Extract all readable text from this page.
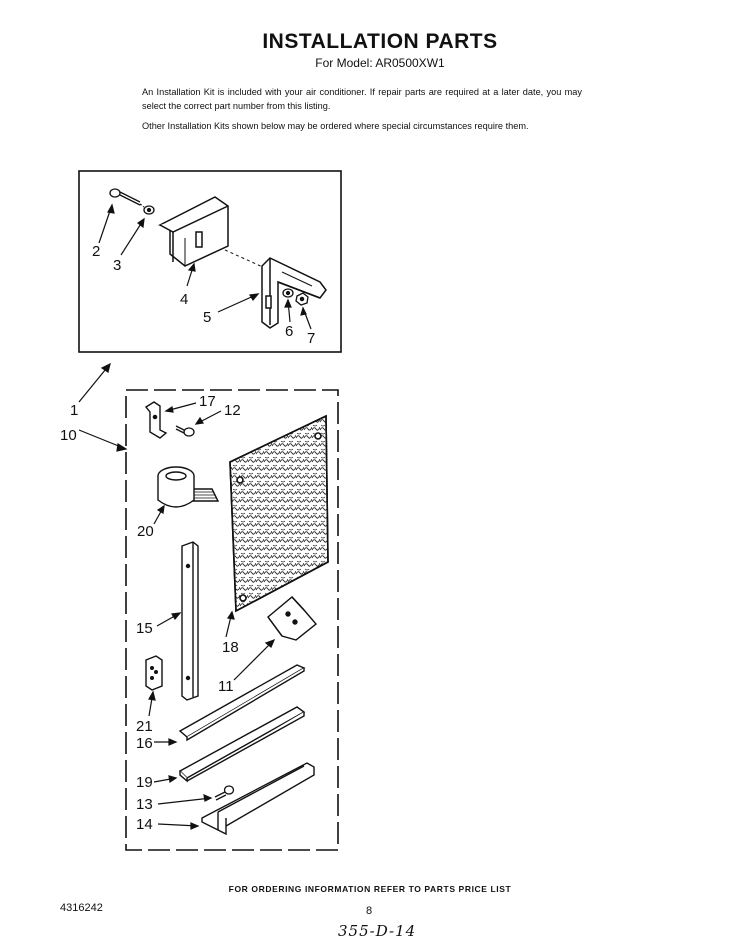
INSTALLATION PARTS
For Model: AR0500XW1
An Installation Kit is included with your air conditioner. If repair parts are required at a later date, you may select the correct part number from this listing.
Other Installation Kits shown below may be ordered where special circumstances require them.
2
3
4
5
6 7
1
10
17
12
20
15
18
11
21
16
19
13
14
FOR ORDERING INFORMATION REFER TO PARTS PRICE LIST
4316242	8
355-D-14
